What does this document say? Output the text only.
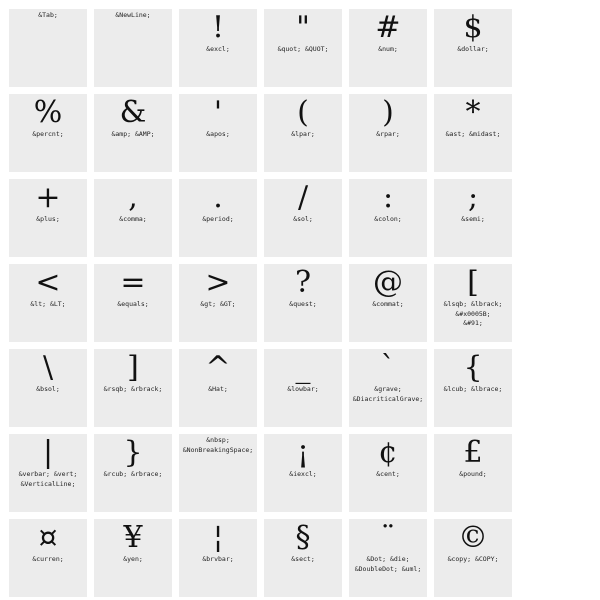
&Tab;	&NewLine; !
&excl;
"
&quot; &QUOT;
#
&num;
$
&dollar;
%
&percnt;
&
&amp; &AMP;
'
&apos;
(
&lpar;
)
&rpar;
*
&ast; &midast;
+
&plus;
,
&comma;
.
&period;
/
&sol;
:
&colon;
;
&semi;
<
&lt; &LT;
=
&equals;
>
&gt; &GT;
?
&quest;
@
&commat;
[
&lsqb; &lbrack;
&#x0005B;
&#91;
\
&bsol;
]
&rsqb; &rbrack;
^
&Hat;
_
&lowbar;
`
&grave;
&DiacriticalGrave;
{
&lcub; &lbrace;
|
&verbar; &vert;
&VerticalLine;
}
&rcub; &rbrace;
&nbsp;
&NonBreakingSpace; ¡
&iexcl;
¢
&cent;
£
&pound;
¤
&curren;
¥
&yen;
¦
&brvbar;
§
&sect;
¨
&Dot; &die;
&DoubleDot; &uml;
©
&copy; &COPY;
